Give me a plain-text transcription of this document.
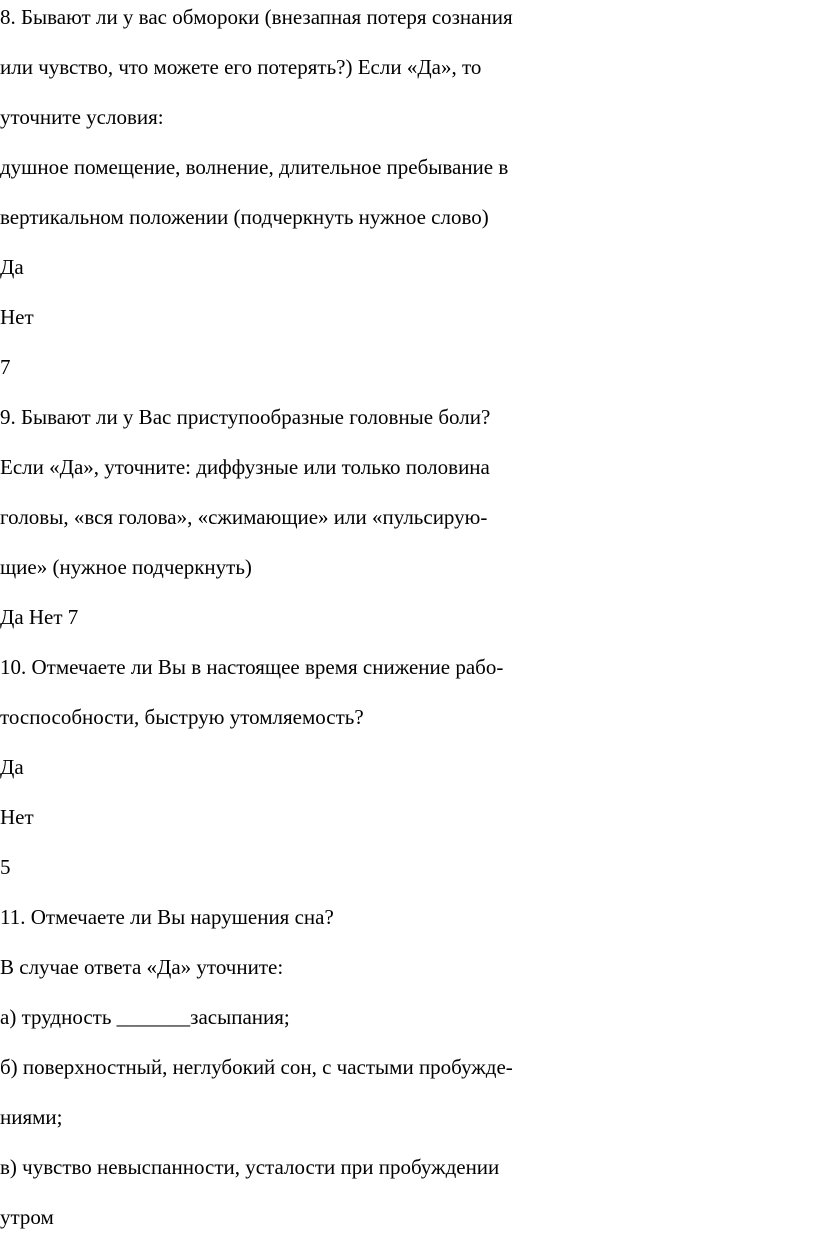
8. Бывают ли у вас обмороки (внезапная потеря сознания

или чувство, что можете его потерять?) Если «Да», то

уточните условия:

душное помещение, волнение, длительное пребывание в

вертикальном положении (подчеркнуть нужное слово)

Да

Нет

7

9. Бывают ли у Вас приступообразные головные боли?

Если «Да», уточните: диффузные или только половина

головы, «вся голова», «сжимающие» или «пульсирую-

щие» (нужное подчеркнуть)

Да Нет 7

10. Отмечаете ли Вы в настоящее время снижение рабо-

тоспособности, быструю утомляемость?

Да

Нет

5

11. Отмечаете ли Вы нарушения сна?

В случае ответа «Да» уточните:

а) трудность _______засыпания;

б) поверхностный, неглубокий сон, с частыми пробужде-

ниями;

в) чувство невыспанности, усталости при пробуждении

утром
